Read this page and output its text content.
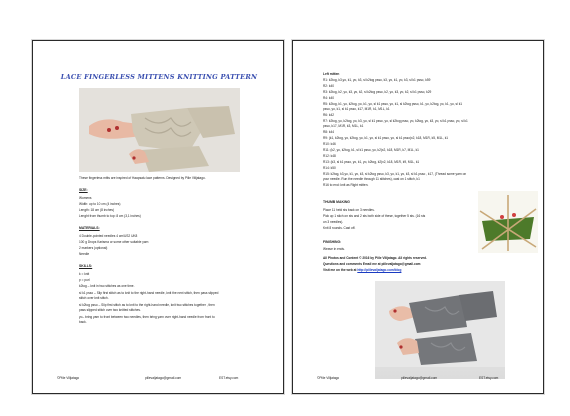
LACE FINGERLESS MITTENS KNITTING PATTERN
These fingerless mitts are inspired of Haapsalu lace patterns. Designed by Piile Vilijatago.
SIZE:
Womens
Width: up to 10 cm (4 inches)
Length: 18 cm (8 inches)
Lenght from thumb to top: 8 cm (3,1 inches)
MATERIALS:
4 Double-pointed needles 4 cm/US2 UK8
100 g Drops Karisma or some other suitable yarn
2 markers (optional)
Needle
SKILLS:
k = knit
p = purl
k2tog – knit in two stitches as one time.
sl k1 psso – Slip first stitch as to knit to the right-hand needle, knit the next stitch, then pass slipped
stitch over knit stitch.
sl k2tog psso – Slip first stitch as to knit to the right-hand needle, knit two stitches together , then
pass slipped stitch over two knitted stitches.
yo– bring yarn to front between two needles, then bring yarn over right-hand needle from front to
back.
©Piile Vilijatago	piilevaljatago@gmail.com	EST.etsy.com
Left mitten
R1: k2tog, k3,yo, k1, yo, k3, sl k2tog psso, k3, yo, k1, yo, k3, sl k1 psso, k59
R2: k40
R3: k2tog, k2, yo, k3, yo, k2, sl k2tog psso, k2, yo, k3, yo, k2, sl k1 psso, k29
R4: k40
R5: k2tog, k1, yo, k2tog, yo, k1, yo, sl k1 psso, yo, k1, sl k2tog psso, k1, yo, k2tog, yo, k1, yo, sl k1
psso, yo, k1, sl k1 psso, k17, M1R, k1, M1L, k1
R6: k42
R7: k2tog, yo, k2tog, yo, k3, yo, sl k1 psso, yo, sl k2tog psso, yo, k2tog, yo, k3, yo, sl k1 psso, yo, sl k1
psso, k17, M1R, k3, M1L, k1
R8: k44
R9: (k1, k2tog, yo, k2tog, yo, k1, yo, sl k1 psso, yo, sl k1 psso)x2, k18, M1R, k5, M1L, k1
R10: k46
R11: (k2, yo, k2tog, k1, sl k1 psso, yo, k2)x2, k18, M1R, k7, M1L, k1
R12: k48
R13: (k3, sl k1 psso, yo, k1, yo, k2tog, k2)x2, k18, M1R, k9, M1L, k1
R14: k50
R15: k2tog, k3,yo, k1, yo, k3, sl k2tog psso, k3, yo, k1, yo, k3, sl k1 psso , k17, (Thread some yarn on
your needle. Run the needle through 11 stitches), cast on 1 stitch, k1
R16 to end: knit as Right mitten.
THUMB MAKING
Place 11 held sts back on 3 needles.
Pick up 1 stich on sts and 2 sts both side of these, together 5 sts. (16 sts
on 3 needles).
Knit 8 rounds. Cast off.
FINISHING:
Weave in ends.
All Photos and Content © 2016 by Piile Vilijatago. All rights reserved.
Questions and comments Email me at piilevaljatago@gmail.com
Visit me on the web at http://piilevaljatago.com/blog
©Piile Vilijatago	piilevaljatago@gmail.com	EST.etsy.com
